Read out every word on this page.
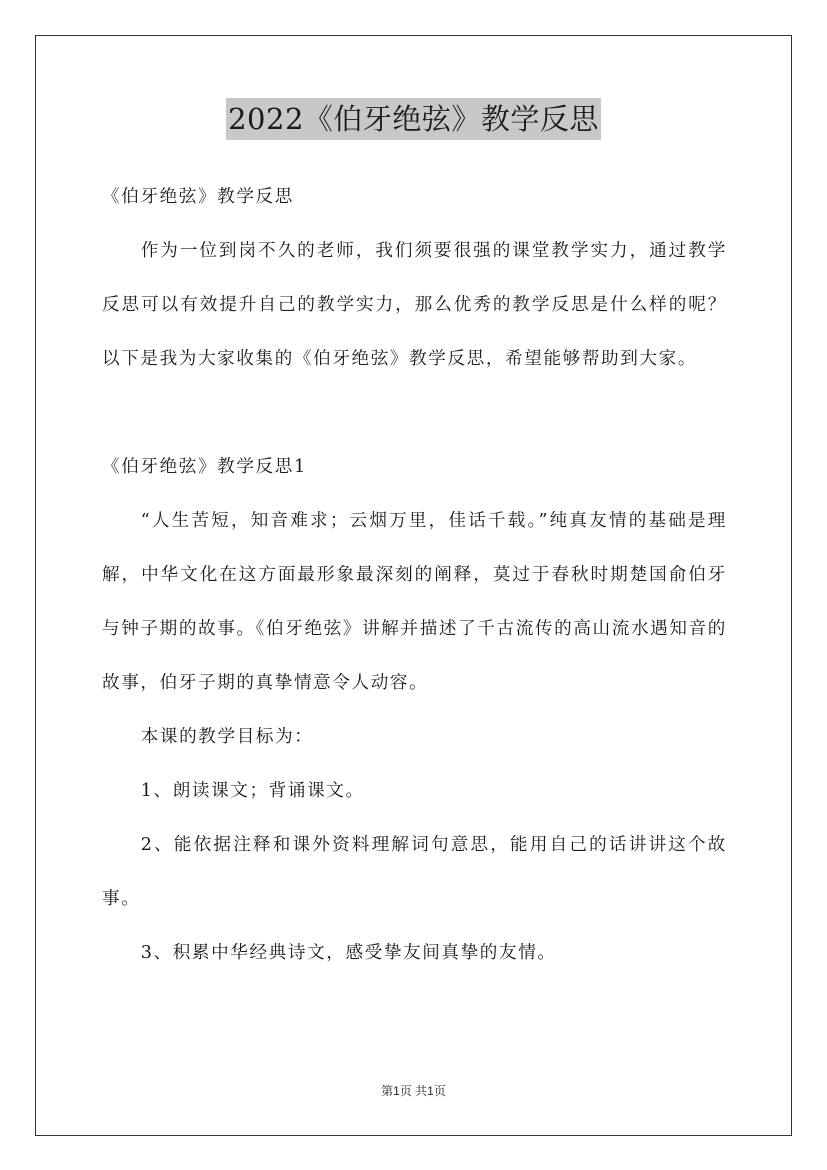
2022《伯牙绝弦》教学反思

《伯牙绝弦》教学反思

作为一位到岗不久的老师，我们须要很强的课堂教学实力，通过教学反思可以有效提升自己的教学实力，那么优秀的教学反思是什么样的呢？以下是我为大家收集的《伯牙绝弦》教学反思，希望能够帮助到大家。

《伯牙绝弦》教学反思1

“人生苦短，知音难求；云烟万里，佳话千载。”纯真友情的基础是理解，中华文化在这方面最形象最深刻的阐释，莫过于春秋时期楚国俞伯牙与钟子期的故事。《伯牙绝弦》讲解并描述了千古流传的高山流水遇知音的故事，伯牙子期的真挚情意令人动容。

本课的教学目标为：

1、朗读课文；背诵课文。

2、能依据注释和课外资料理解词句意思，能用自己的话讲讲这个故事。

3、积累中华经典诗文，感受挚友间真挚的友情。

第1页 共1页
